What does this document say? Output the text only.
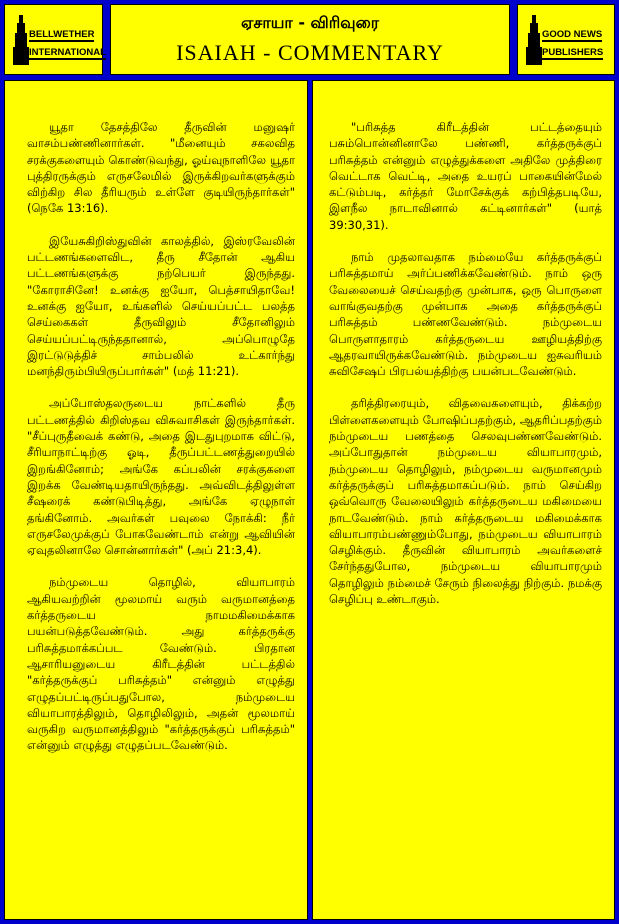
BELLWETHER
INTERNATIONAL
ஏசாயா - விரிவுரை
ISAIAH - COMMENTARY
GOOD NEWS
PUBLISHERS

யூதா தேசத்திலே தீருவின் மனுஷர் வாசம்பண்ணினார்கள். "மீனையும் சகலவித சரக்குகளையும் கொண்டுவந்து, ஓய்வுநாளிலே யூதா புத்திரருக்கும் எருசலேமில் இருக்கிறவர்களுக்கும் விற்கிற சில தீரியரும் உள்ளே குடியிருந்தார்கள்" (நெகே 13:16).

இயேசுகிறிஸ்துவின் காலத்தில், இஸ்ரவேலின் பட்டணங்களைவிட, தீரு சீதோன் ஆகிய பட்டணங்களுக்கு நற்பெயர் இருந்தது. "கோராசினே! உனக்கு ஐயோ, பெத்சாயிதாவே! உனக்கு ஐயோ, உங்களில் செய்யப்பட்ட பலத்த செய்கைகள் தீருவிலும் சீதோனிலும் செய்யப்பட்டிருந்ததானால், அப்பொழுதே இரட்டுடுத்திச் சாம்பலில் உட்கார்ந்து மனந்திரும்பியிருப்பார்கள்" (மத் 11:21).

அப்போஸ்தலருடைய நாட்களில் தீரு பட்டணத்தில் கிறிஸ்தவ விசுவாசிகள் இருந்தார்கள். "சீப்புருதீவைக் கண்டு, அதை இடதுபுறமாக விட்டு, சீரியாநாட்டிற்கு ஓடி, தீருப்பட்டணத்துறையில் இறங்கினோம்; அங்கே கப்பலின் சரக்குகளை இறக்க வேண்டியதாயிருந்தது. அவ்விடத்திலுள்ள சீஷரைக் கண்டுபிடித்து, அங்கே ஏழுநாள் தங்கினோம். அவர்கள் பவுலை நோக்கி: நீர் எருசலேமுக்குப் போகவேண்டாம் என்று ஆவியின் ஏவுதலினாலே சொன்னார்கள்" (அப் 21:3,4).

நம்முடைய தொழில், வியாபாரம் ஆகியவற்றின் மூலமாய் வரும் வருமானத்தை கர்த்தருடைய நாமமகிமைக்காக பயன்படுத்தவேண்டும். அது கர்த்தருக்கு பரிசுத்தமாக்கப்பட வேண்டும். பிரதான ஆசாரியனுடைய கிரீடத்தின் பட்டத்தில் "கர்த்தருக்குப் பரிசுத்தம்" என்னும் எழுத்து எழுதப்பட்டிருப்பதுபோல, நம்முடைய வியாபாரத்திலும், தொழிலிலும், அதன் மூலமாய் வருகிற வருமானத்திலும் "கர்த்தருக்குப் பரிசுத்தம்" என்னும் எழுத்து எழுதப்படவேண்டும்.

"பரிசுத்த கிரீடத்தின் பட்டத்தையும் பசும்பொன்னினாலே பண்ணி, கர்த்தருக்குப் பரிசுத்தம் என்னும் எழுத்துக்களை அதிலே முத்திரை வெட்டாக வெட்டி, அதை உயரப் பாகையின்மேல் கட்டும்படி, கர்த்தர் மோசேக்குக் கற்பித்தபடியே, இளநீல நாடாவினால் கட்டினார்கள்" (யாத் 39:30,31).

நாம் முதலாவதாக நம்மையே கர்த்தருக்குப் பரிசுத்தமாய் அர்ப்பணிக்கவேண்டும். நாம் ஒரு வேலையைச் செய்வதற்கு முன்பாக, ஒரு பொருளை வாங்குவதற்கு முன்பாக அதை கர்த்தருக்குப் பரிசுத்தம் பண்ணவேண்டும். நம்முடைய பொருளாதாரம் கர்த்தருடைய ஊழியத்திற்கு ஆதரவாயிருக்கவேண்டும். நம்முடைய ஐசுவரியம் சுவிசேஷப் பிரபல்யத்திற்கு பயன்படவேண்டும்.

தரித்திரரையும், விதவைகளையும், திக்கற்ற பிள்ளைகளையும் போஷிப்பதற்கும், ஆதரிப்பதற்கும் நம்முடைய பணத்தை செலவுபண்ணவேண்டும். அப்போதுதான் நம்முடைய வியாபாரமும், நம்முடைய தொழிலும், நம்முடைய வருமானமும் கர்த்தருக்குப் பரிசுத்தமாகப்படும். நாம் செய்கிற ஒவ்வொரு வேலையிலும் கர்த்தருடைய மகிமையை நாடவேண்டும். நாம் கர்த்தருடைய மகிமைக்காக வியாபாரம்பண்ணும்போது, நம்முடைய வியாபாரம் செழிக்கும். தீருவின் வியாபாரம் அவர்களைச் சேர்ந்ததுபோல, நம்முடைய வியாபாரமும் தொழிலும் நம்மைச் சேரும் நிலைத்து நிற்கும். நமக்கு செழிப்பு உண்டாகும்.
